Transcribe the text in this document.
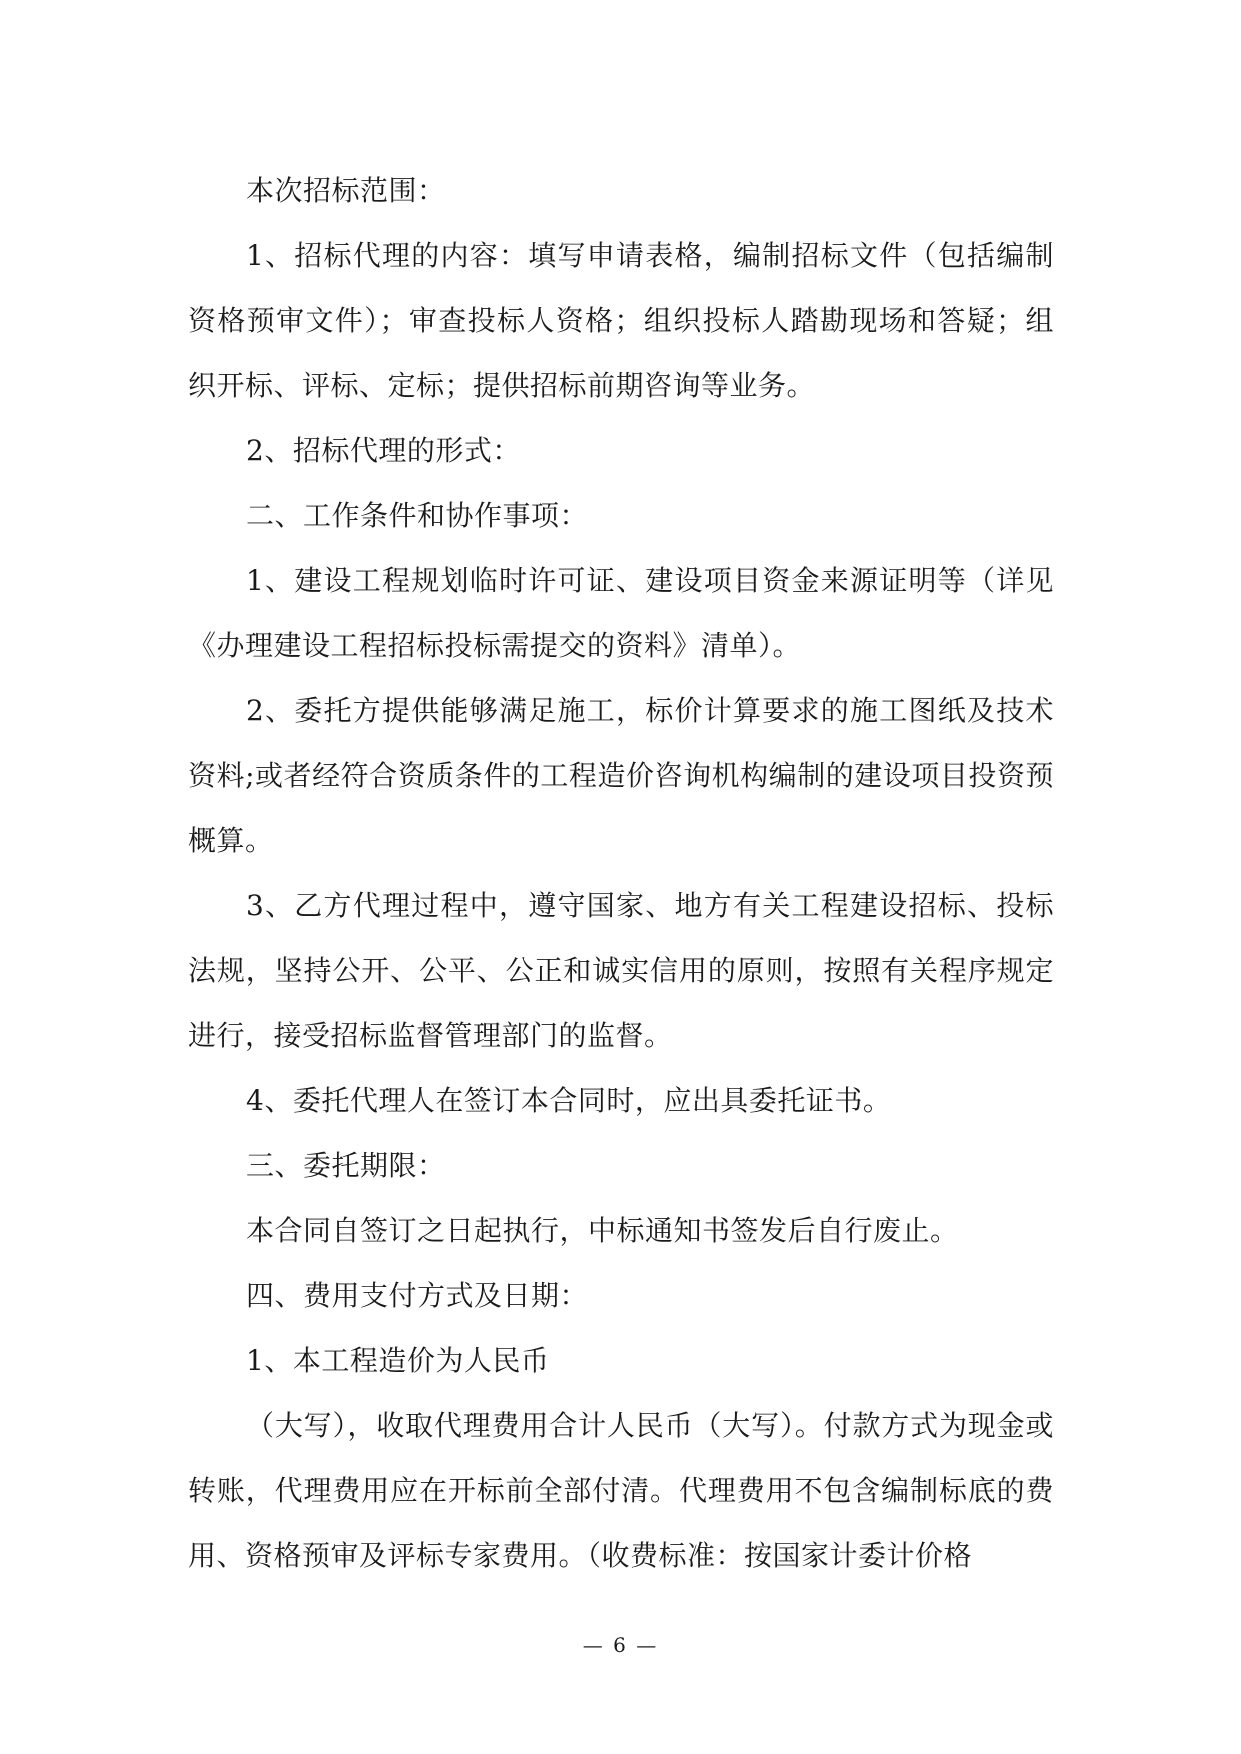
本次招标范围：

1、招标代理的内容：填写申请表格，编制招标文件（包括编制资格预审文件）；审查投标人资格；组织投标人踏勘现场和答疑；组织开标、评标、定标；提供招标前期咨询等业务。

2、招标代理的形式：

二、工作条件和协作事项：

1、建设工程规划临时许可证、建设项目资金来源证明等（详见《办理建设工程招标投标需提交的资料》清单）。

2、委托方提供能够满足施工，标价计算要求的施工图纸及技术资料;或者经符合资质条件的工程造价咨询机构编制的建设项目投资预概算。

3、乙方代理过程中，遵守国家、地方有关工程建设招标、投标法规，坚持公开、公平、公正和诚实信用的原则，按照有关程序规定进行，接受招标监督管理部门的监督。

4、委托代理人在签订本合同时，应出具委托证书。

三、委托期限：

本合同自签订之日起执行，中标通知书签发后自行废止。

四、费用支付方式及日期：

1、本工程造价为人民币

（大写），收取代理费用合计人民币（大写）。付款方式为现金或转账，代理费用应在开标前全部付清。代理费用不包含编制标底的费用、资格预审及评标专家费用。（收费标准：按国家计委计价格

— 6 —
